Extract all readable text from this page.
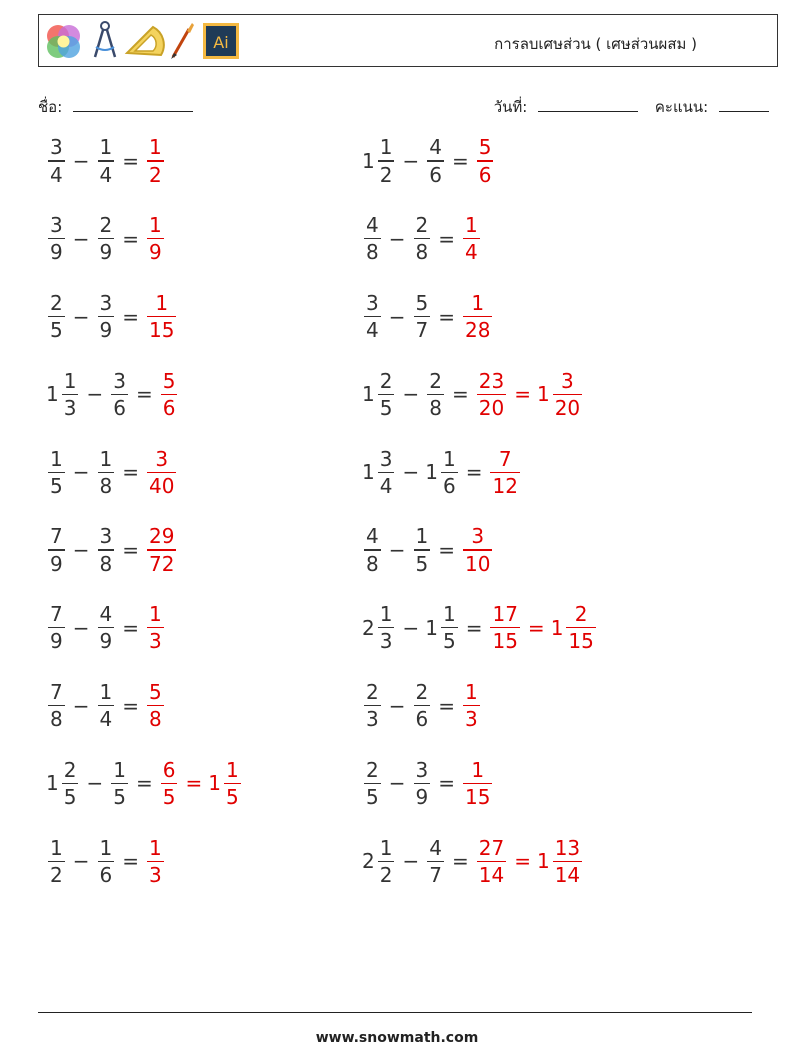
Ai	การลบเศษส่วน ( เศษส่วนผสม )
ชื่อ:	วันที่:	คะแนน:
$\frac{3}{4} - \frac{1}{4} = \frac{1}{2}$	$1 \frac{1}{2} - \frac{4}{6} = \frac{5}{6}$
$\frac{3}{9} - \frac{2}{9} = \frac{1}{9}$	$\frac{4}{8} - \frac{2}{8} = \frac{1}{4}$
$\frac{2}{5} - \frac{3}{9} = \frac{1}{15}$	$\frac{3}{4} - \frac{5}{7} = \frac{1}{28}$
$1 \frac{1}{3} - \frac{3}{6} = \frac{5}{6}$	$1 \frac{2}{5} - \frac{2}{8} = \frac{23}{20} = 1 \frac{3}{20}$
$\frac{1}{5} - \frac{1}{8} = \frac{3}{40}$	$1 \frac{3}{4} - 1 \frac{1}{6} = \frac{7}{12}$
$\frac{7}{9} - \frac{3}{8} = \frac{29}{72}$	$\frac{4}{8} - \frac{1}{5} = \frac{3}{10}$
$\frac{7}{9} - \frac{4}{9} = \frac{1}{3}$	$2 \frac{1}{3} - 1 \frac{1}{5} = \frac{17}{15} = 1 \frac{2}{15}$
$\frac{7}{8} - \frac{1}{4} = \frac{5}{8}$	$\frac{2}{3} - \frac{2}{6} = \frac{1}{3}$
$1 \frac{2}{5} - \frac{1}{5} = \frac{6}{5} = 1 \frac{1}{5}$	$\frac{2}{5} - \frac{3}{9} = \frac{1}{15}$
$\frac{1}{2} - \frac{1}{6} = \frac{1}{3}$	$2 \frac{1}{2} - \frac{4}{7} = \frac{27}{14} = 1 \frac{13}{14}$
www.snowmath.com
